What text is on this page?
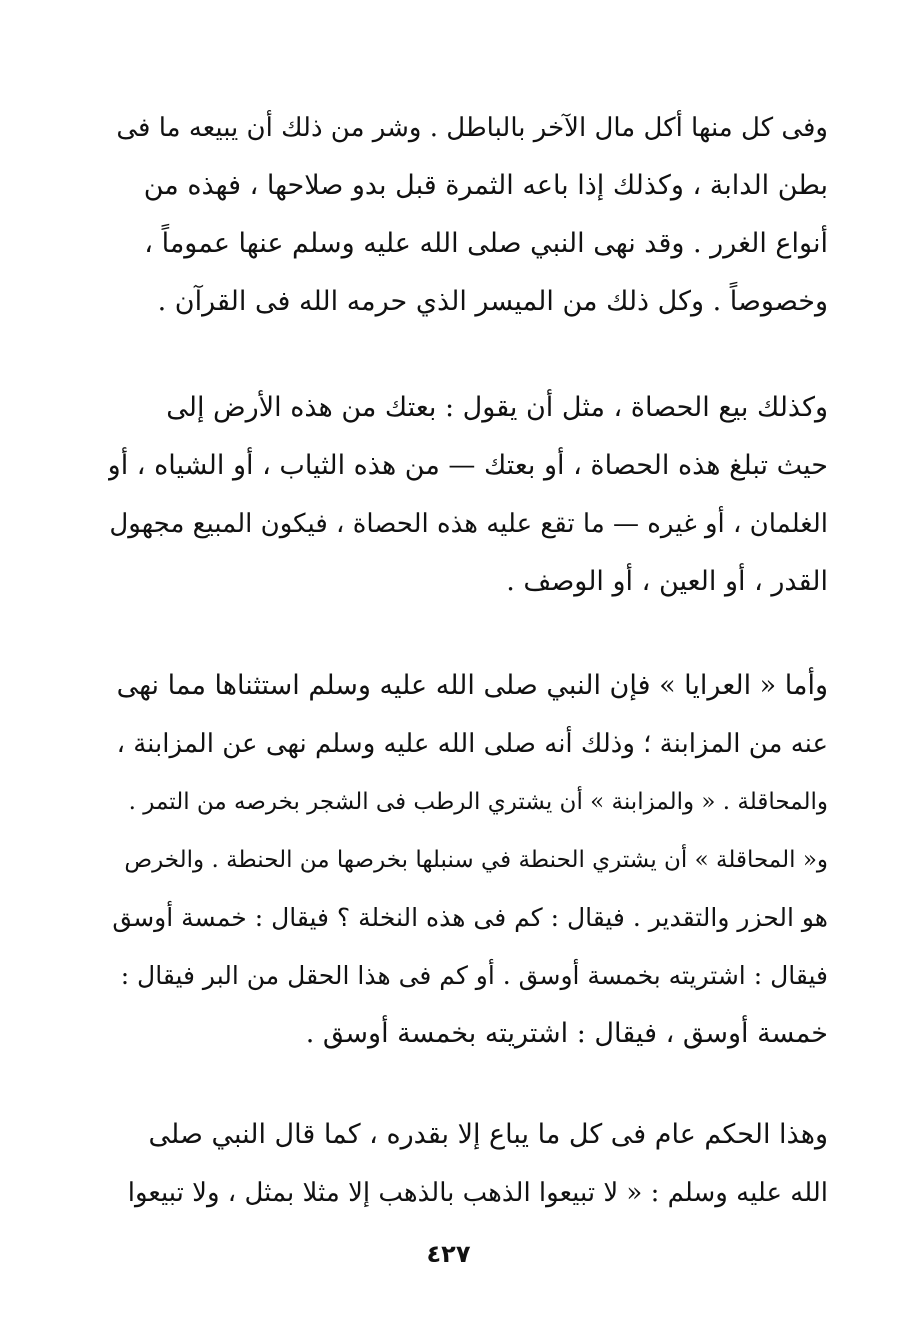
وفى كل منها أكل مال الآخر بالباطل . وشر من ذلك أن يبيعه ما فى
بطن الدابة ، وكذلك إذا باعه الثمرة قبل بدو صلاحها ، فهذه من
أنواع الغرر . وقد نهى النبي صلى الله عليه وسلم عنها عموماً ،
وخصوصاً . وكل ذلك من الميسر الذي حرمه الله فى القرآن .
وكذلك بيع الحصاة ، مثل أن يقول : بعتك من هذه الأرض إلى
حيث تبلغ هذه الحصاة ، أو بعتك — من هذه الثياب ، أو الشياه ، أو
الغلمان ، أو غيره — ما تقع عليه هذه الحصاة ، فيكون المبيع مجهول
القدر ، أو العين ، أو الوصف .
وأما « العرايا » فإن النبي صلى الله عليه وسلم استثناها مما نهى
عنه من المزابنة ؛ وذلك أنه صلى الله عليه وسلم نهى عن المزابنة ،
والمحاقلة . « والمزابنة » أن يشتري الرطب فى الشجر بخرصه من التمر .
و« المحاقلة » أن يشتري الحنطة في سنبلها بخرصها من الحنطة . والخرص
هو الحزر والتقدير . فيقال : كم فى هذه النخلة ؟ فيقال : خمسة أوسق
فيقال : اشتريته بخمسة أوسق . أو كم فى هذا الحقل من البر فيقال :
خمسة أوسق ، فيقال : اشتريته بخمسة أوسق .
وهذا الحكم عام فى كل ما يباع إلا بقدره ، كما قال النبي صلى
الله عليه وسلم : « لا تبيعوا الذهب بالذهب إلا مثلا بمثل ، ولا تبيعوا
٤٢٧
